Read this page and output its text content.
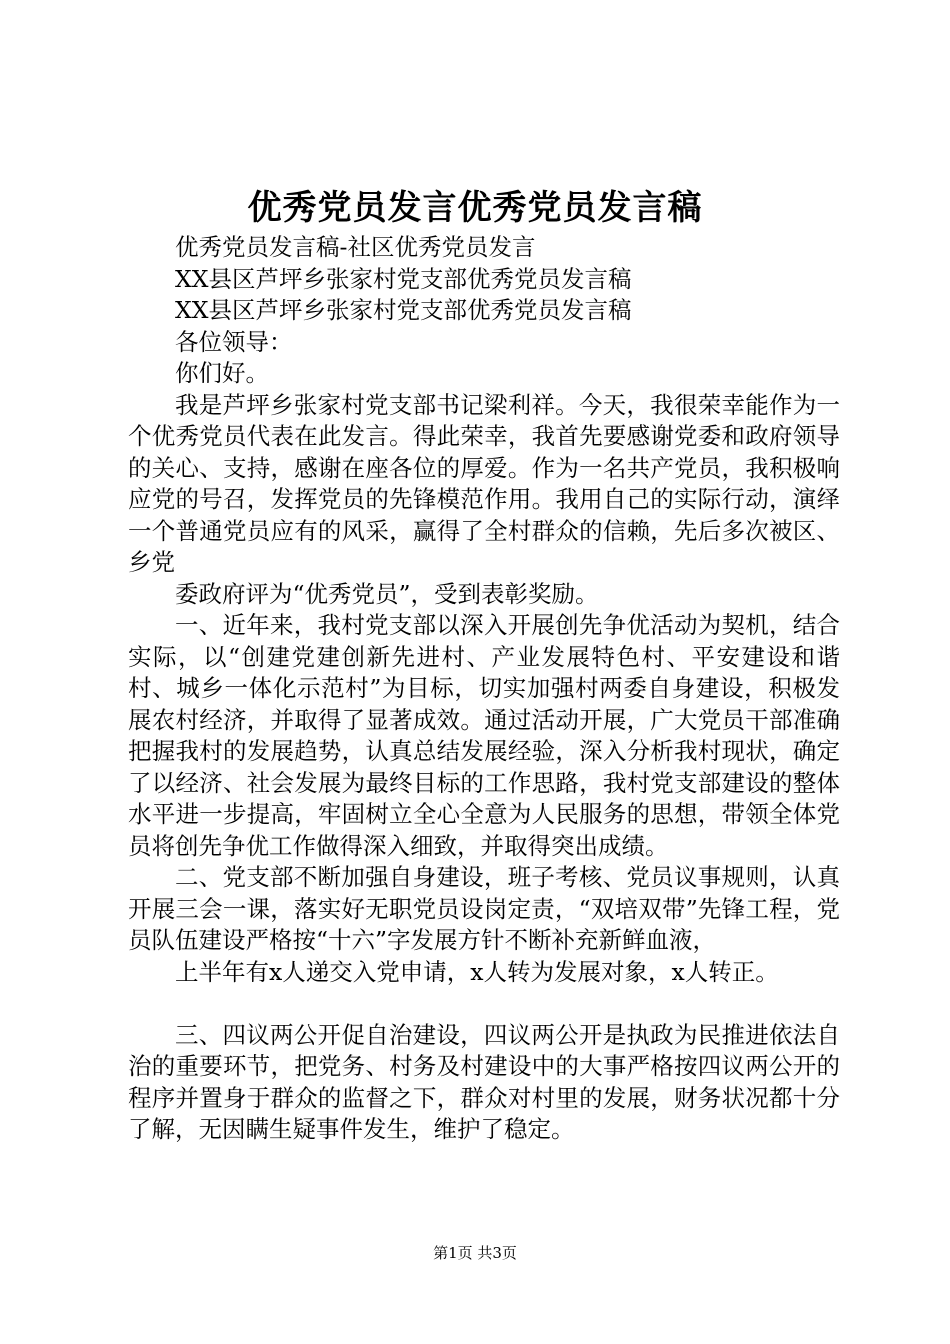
优秀党员发言优秀党员发言稿

优秀党员发言稿-社区优秀党员发言

XX县区芦坪乡张家村党支部优秀党员发言稿

XX县区芦坪乡张家村党支部优秀党员发言稿

各位领导：

你们好。

我是芦坪乡张家村党支部书记梁利祥。今天，我很荣幸能作为一个优秀党员代表在此发言。得此荣幸，我首先要感谢党委和政府领导的关心、支持，感谢在座各位的厚爱。作为一名共产党员，我积极响应党的号召，发挥党员的先锋模范作用。我用自己的实际行动，演绎一个普通党员应有的风采，赢得了全村群众的信赖，先后多次被区、乡党

委政府评为“优秀党员”，受到表彰奖励。

一、近年来，我村党支部以深入开展创先争优活动为契机，结合实际，以“创建党建创新先进村、产业发展特色村、平安建设和谐村、城乡一体化示范村”为目标，切实加强村两委自身建设，积极发展农村经济，并取得了显著成效。通过活动开展，广大党员干部准确把握我村的发展趋势，认真总结发展经验，深入分析我村现状，确定了以经济、社会发展为最终目标的工作思路，我村党支部建设的整体水平进一步提高，牢固树立全心全意为人民服务的思想，带领全体党员将创先争优工作做得深入细致，并取得突出成绩。

二、党支部不断加强自身建设，班子考核、党员议事规则，认真开展三会一课，落实好无职党员设岗定责，“双培双带”先锋工程，党员队伍建设严格按“十六”字发展方针不断补充新鲜血液，

上半年有x人递交入党申请，x人转为发展对象，x人转正。

三、四议两公开促自治建设，四议两公开是执政为民推进依法自治的重要环节，把党务、村务及村建设中的大事严格按四议两公开的程序并置身于群众的监督之下，群众对村里的发展，财务状况都十分了解，无因瞒生疑事件发生，维护了稳定。

第1页 共3页
